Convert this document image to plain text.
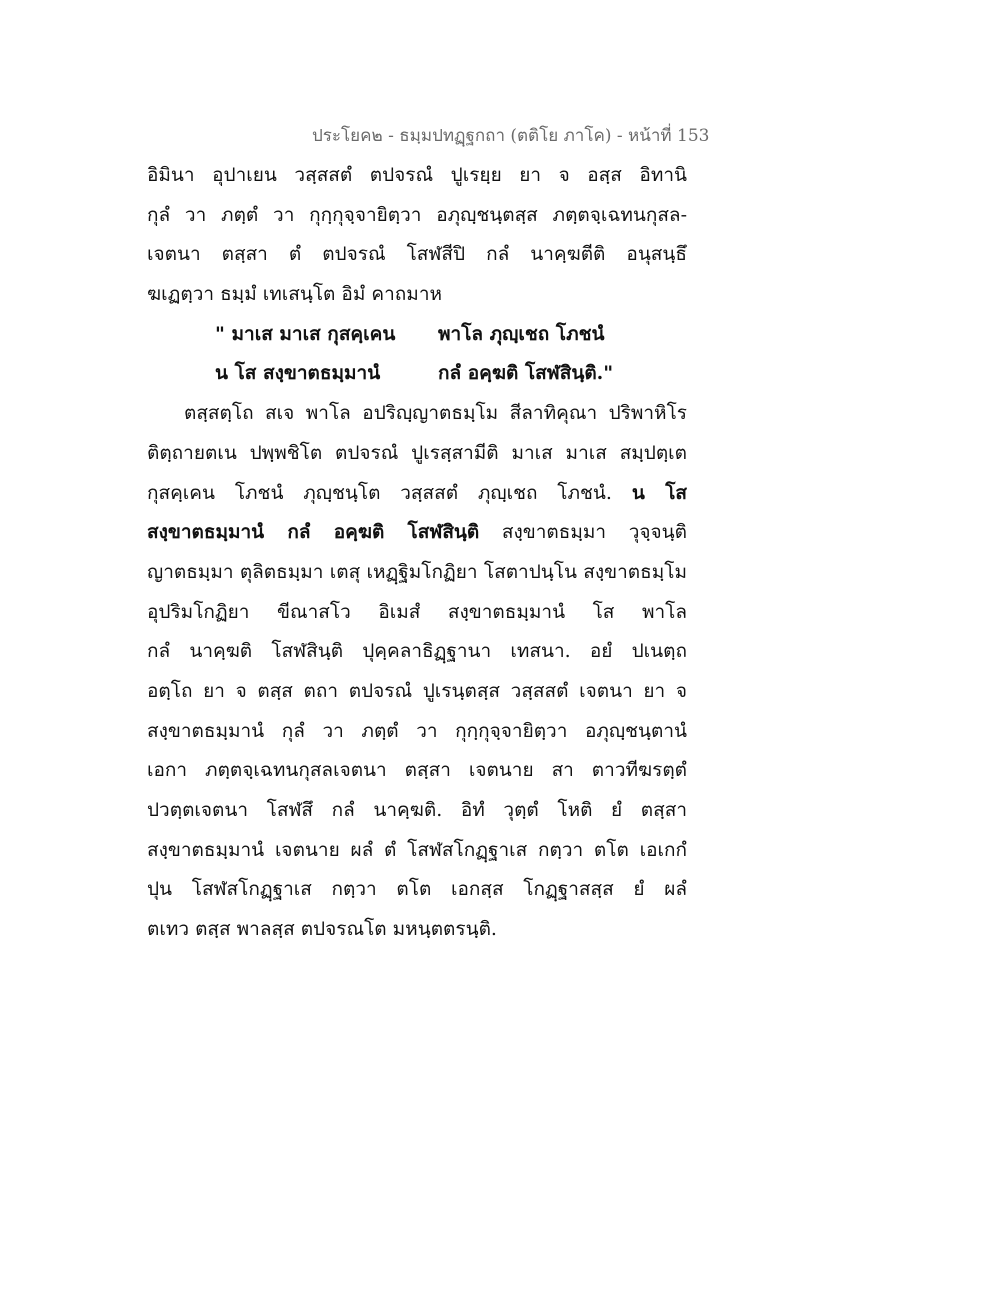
ประโยค๒ - ธมฺมปทฏฺฐกถา (ตติโย ภาโค) - หน้าที่ 153
อิมินา อุปาเยน วสฺสสตํ ตปจรณํ ปูเรยฺย ยา จ อสฺส อิทานิ
กุลํ วา ภตฺตํ วา กุกฺกุจฺจายิตฺวา อภุญฺชนฺตสฺส ภตฺตจฺเฉทนกุสล-
เจตนา ตสฺสา ตํ ตปจรณํ โสฬสีปิ กลํ นาคฺฆตีติ อนุสนฺธึ
ฆเฏตฺวา ธมฺมํ เทเสนฺโต อิมํ คาถมาห
" มาเส มาเส กุสคฺเคน	พาโล ภุญฺเชถ โภชนํ
น โส สงฺขาตธมฺมานํ	กลํ อคฺฆติ โสฬสินฺติ."
ตสฺสตฺโถ สเจ พาโล อปริญฺญาตธมฺโม สีลาทิคุณา ปริพาหิโร
ติตฺถายตเน ปพฺพชิโต ตปจรณํ ปูเรสฺสามีติ มาเส มาเส สมฺปตฺเต
กุสคฺเคน โภชนํ ภุญฺชนฺโต วสฺสสตํ ภุญฺเชถ โภชนํ. น โส
สงฺขาตธมฺมานํ กลํ อคฺฆติ โสฬสินฺติ สงฺขาตธมฺมา วุจฺจนฺติ
ญาตธมฺมา ตุลิตธมฺมา เตสุ เหฏฺฐิมโกฏิยา โสตาปนฺโน สงฺขาตธมฺโม
อุปริมโกฏิยา ขีณาสโว อิเมสํ สงฺขาตธมฺมานํ โส พาโล
กลํ นาคฺฆติ โสฬสินฺติ ปุคฺคลาธิฏฺฐานา เทสนา. อยํ ปเนตฺถ
อตฺโถ ยา จ ตสฺส ตถา ตปจรณํ ปูเรนฺตสฺส วสฺสสตํ เจตนา ยา จ
สงฺขาตธมฺมานํ กุลํ วา ภตฺตํ วา กุกฺกุจฺจายิตฺวา อภุญฺชนฺตานํ
เอกา ภตฺตจฺเฉทนกุสลเจตนา ตสฺสา เจตนาย สา ตาวทีฆรตฺตํ
ปวตฺตเจตนา โสฬสึ กลํ นาคฺฆติ. อิทํ วุตฺตํ โหติ ยํ ตสฺสา
สงฺขาตธมฺมานํ เจตนาย ผลํ ตํ โสฬสโกฏฺฐาเส กตฺวา ตโต เอเกกํ
ปุน โสฬสโกฏฺฐาเส กตฺวา ตโต เอกสฺส โกฏฺฐาสสฺส ยํ ผลํ
ตเทว ตสฺส พาลสฺส ตปจรณโต มหนฺตตรนฺติ.
